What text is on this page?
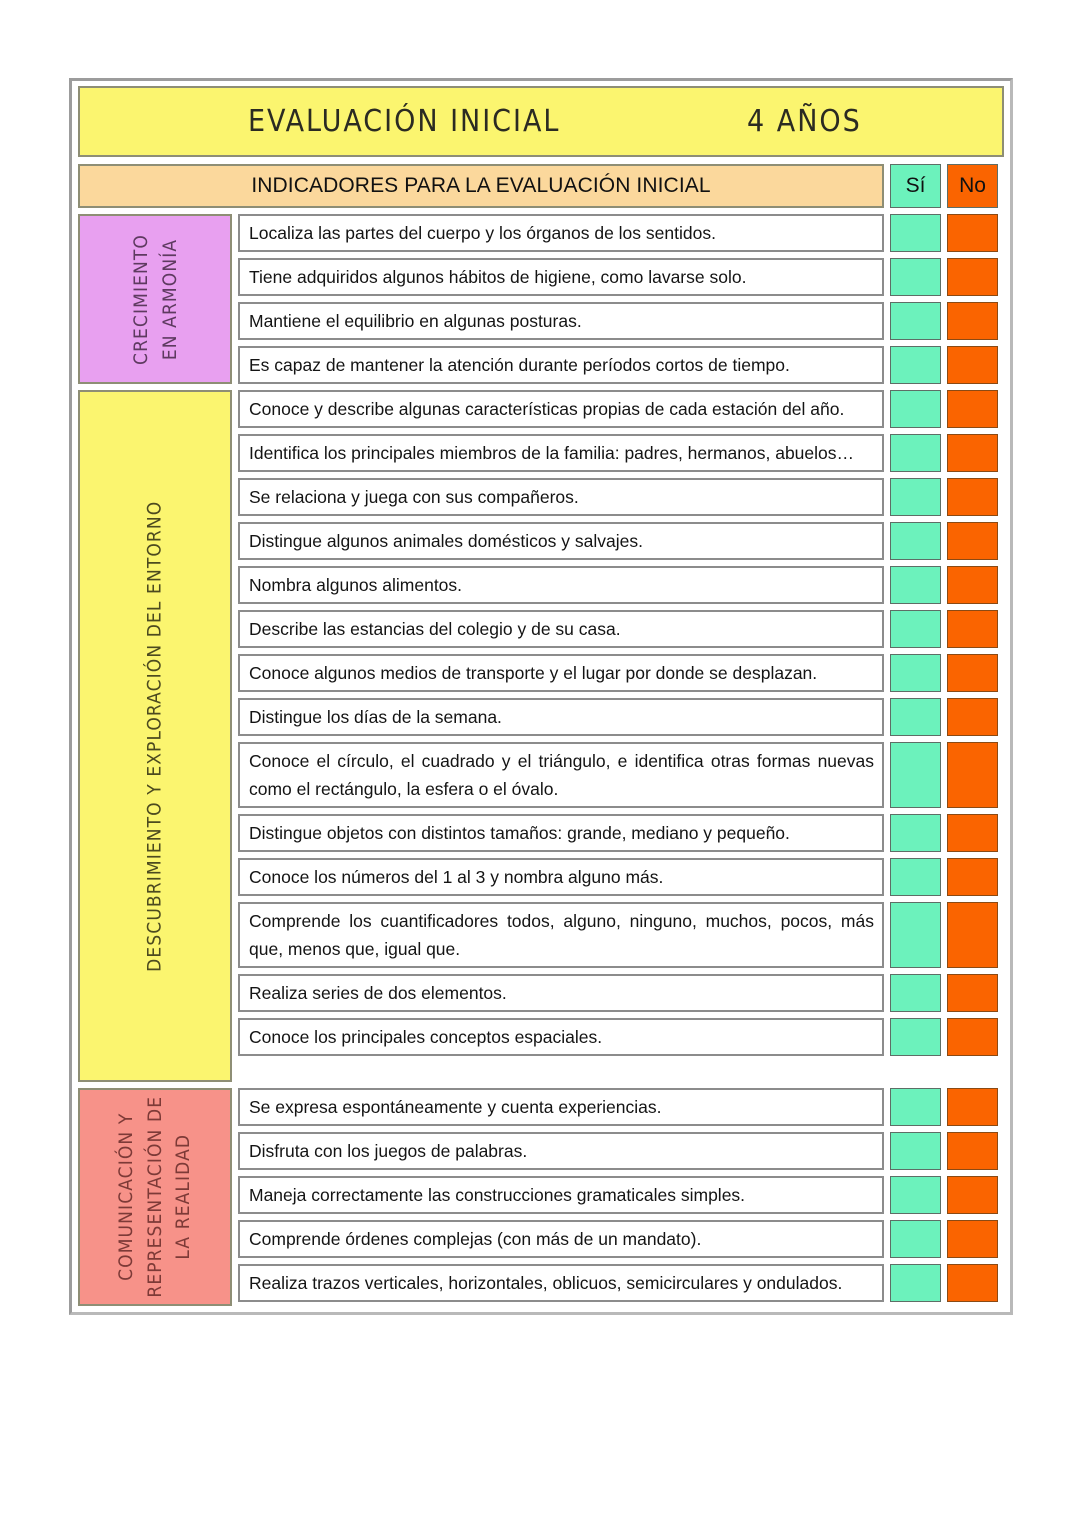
EVALUACIÓN INICIAL	4 AÑOS
INDICADORES PARA LA EVALUACIÓN INICIAL	Sí	No
CRECIMIENTO EN ARMONÍA
Localiza las partes del cuerpo y los órganos de los sentidos.
Tiene adquiridos algunos hábitos de higiene, como lavarse solo.
Mantiene el equilibrio en algunas posturas.
Es capaz de mantener la atención durante períodos cortos de tiempo.
DESCUBRIMIENTO Y EXPLORACIÓN DEL ENTORNO
Conoce y describe algunas características propias de cada estación del año.
Identifica los principales miembros de la familia: padres, hermanos, abuelos…
Se relaciona y juega con sus compañeros.
Distingue algunos animales domésticos y salvajes.
Nombra algunos alimentos.
Describe las estancias del colegio y de su casa.
Conoce algunos medios de transporte y el lugar por donde se desplazan.
Distingue los días de la semana.
Conoce el círculo, el cuadrado y el triángulo, e identifica otras formas nuevas como el rectángulo, la esfera o el óvalo.
Distingue objetos con distintos tamaños: grande, mediano y pequeño.
Conoce los números del 1 al 3 y nombra alguno más.
Comprende los cuantificadores todos, alguno, ninguno, muchos, pocos, más que, menos que, igual que.
Realiza series de dos elementos.
Conoce los principales conceptos espaciales.
COMUNICACIÓN Y REPRESENTACIÓN DE LA REALIDAD
Se expresa espontáneamente y cuenta experiencias.
Disfruta con los juegos de palabras.
Maneja correctamente las construcciones gramaticales simples.
Comprende órdenes complejas (con más de un mandato).
Realiza trazos verticales, horizontales, oblicuos, semicirculares y ondulados.
